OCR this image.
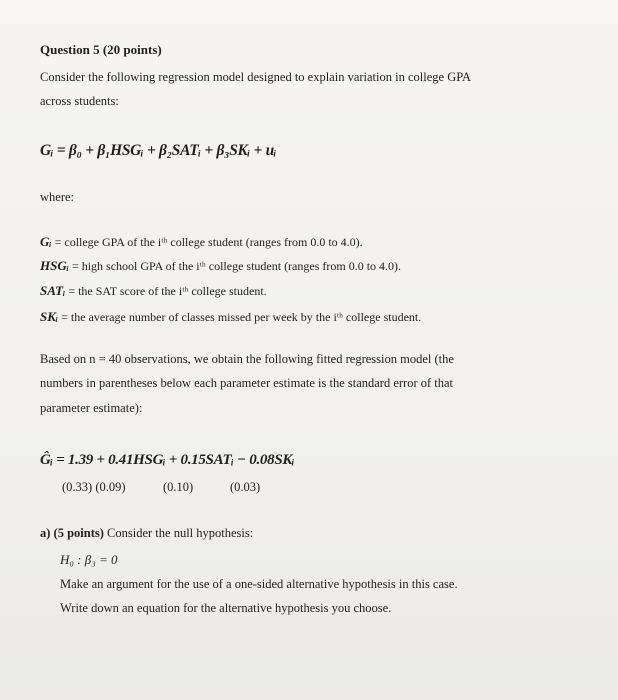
Question 5 (20 points)
Consider the following regression model designed to explain variation in college GPA
across students:
Gᵢ = β₀ + β₁HSGᵢ + β₂SATᵢ + β₃SKᵢ + uᵢ
where:
Gᵢ = college GPA of the iᵗʰ college student (ranges from 0.0 to 4.0).
HSGᵢ = high school GPA of the iᵗʰ college student (ranges from 0.0 to 4.0).
SATᵢ = the SAT score of the iᵗʰ college student.
SKᵢ = the average number of classes missed per week by the iᵗʰ college student.
Based on n = 40 observations, we obtain the following fitted regression model (the
numbers in parentheses below each parameter estimate is the standard error of that
parameter estimate):
Ĝᵢ = 1.39 + 0.41HSGᵢ + 0.15SATᵢ − 0.08SKᵢ
(0.33) (0.09)	(0.10)	(0.03)
a) (5 points) Consider the null hypothesis:
H₀ : β₃ = 0
Make an argument for the use of a one-sided alternative hypothesis in this case.
Write down an equation for the alternative hypothesis you choose.
